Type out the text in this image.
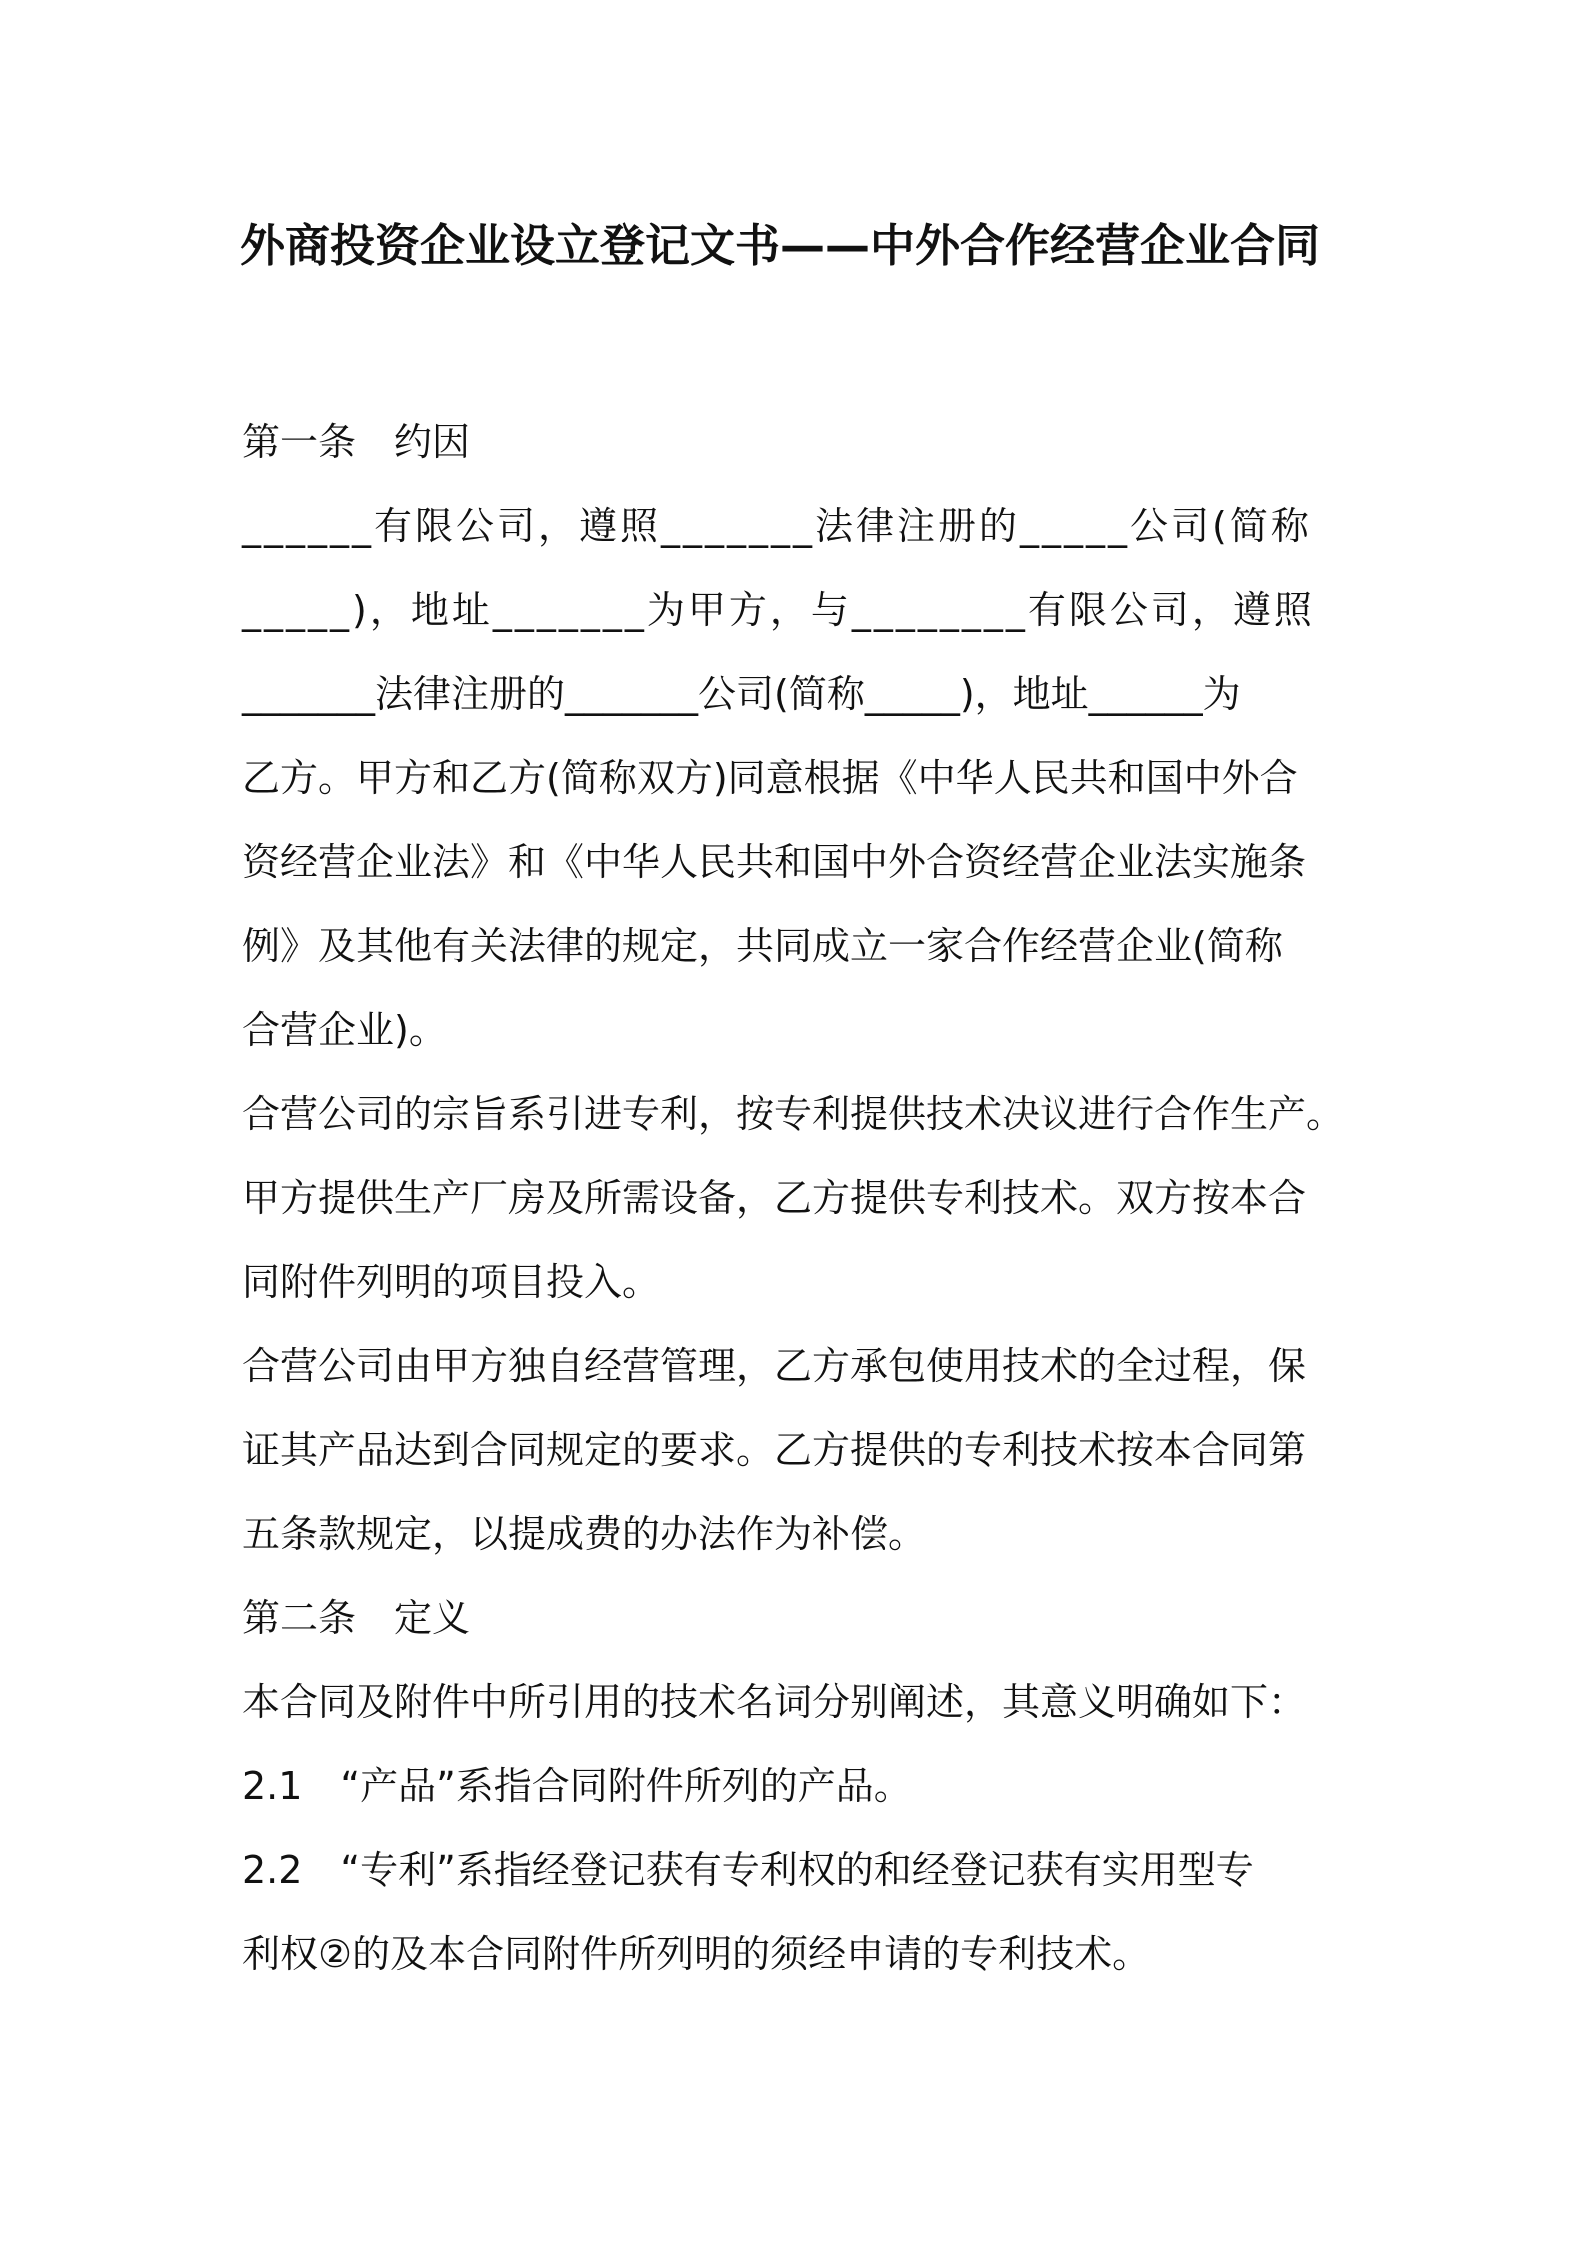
外商投资企业设立登记文书——中外合作经营企业合同
第一条　约因
______有限公司，遵照_______法律注册的_____公司(简称
_____)，地址_______为甲方，与________有限公司，遵照
_______法律注册的_______公司(简称_____)，地址______为
乙方。甲方和乙方(简称双方)同意根据《中华人民共和国中外合
资经营企业法》和《中华人民共和国中外合资经营企业法实施条
例》及其他有关法律的规定，共同成立一家合作经营企业(简称
合营企业)。
合营公司的宗旨系引进专利，按专利提供技术决议进行合作生产。
甲方提供生产厂房及所需设备，乙方提供专利技术。双方按本合
同附件列明的项目投入。
合营公司由甲方独自经营管理，乙方承包使用技术的全过程，保
证其产品达到合同规定的要求。乙方提供的专利技术按本合同第
五条款规定，以提成费的办法作为补偿。
第二条　定义
本合同及附件中所引用的技术名词分别阐述，其意义明确如下：
2.1　“产品”系指合同附件所列的产品。
2.2　“专利”系指经登记获有专利权的和经登记获有实用型专
利权②的及本合同附件所列明的须经申请的专利技术。
